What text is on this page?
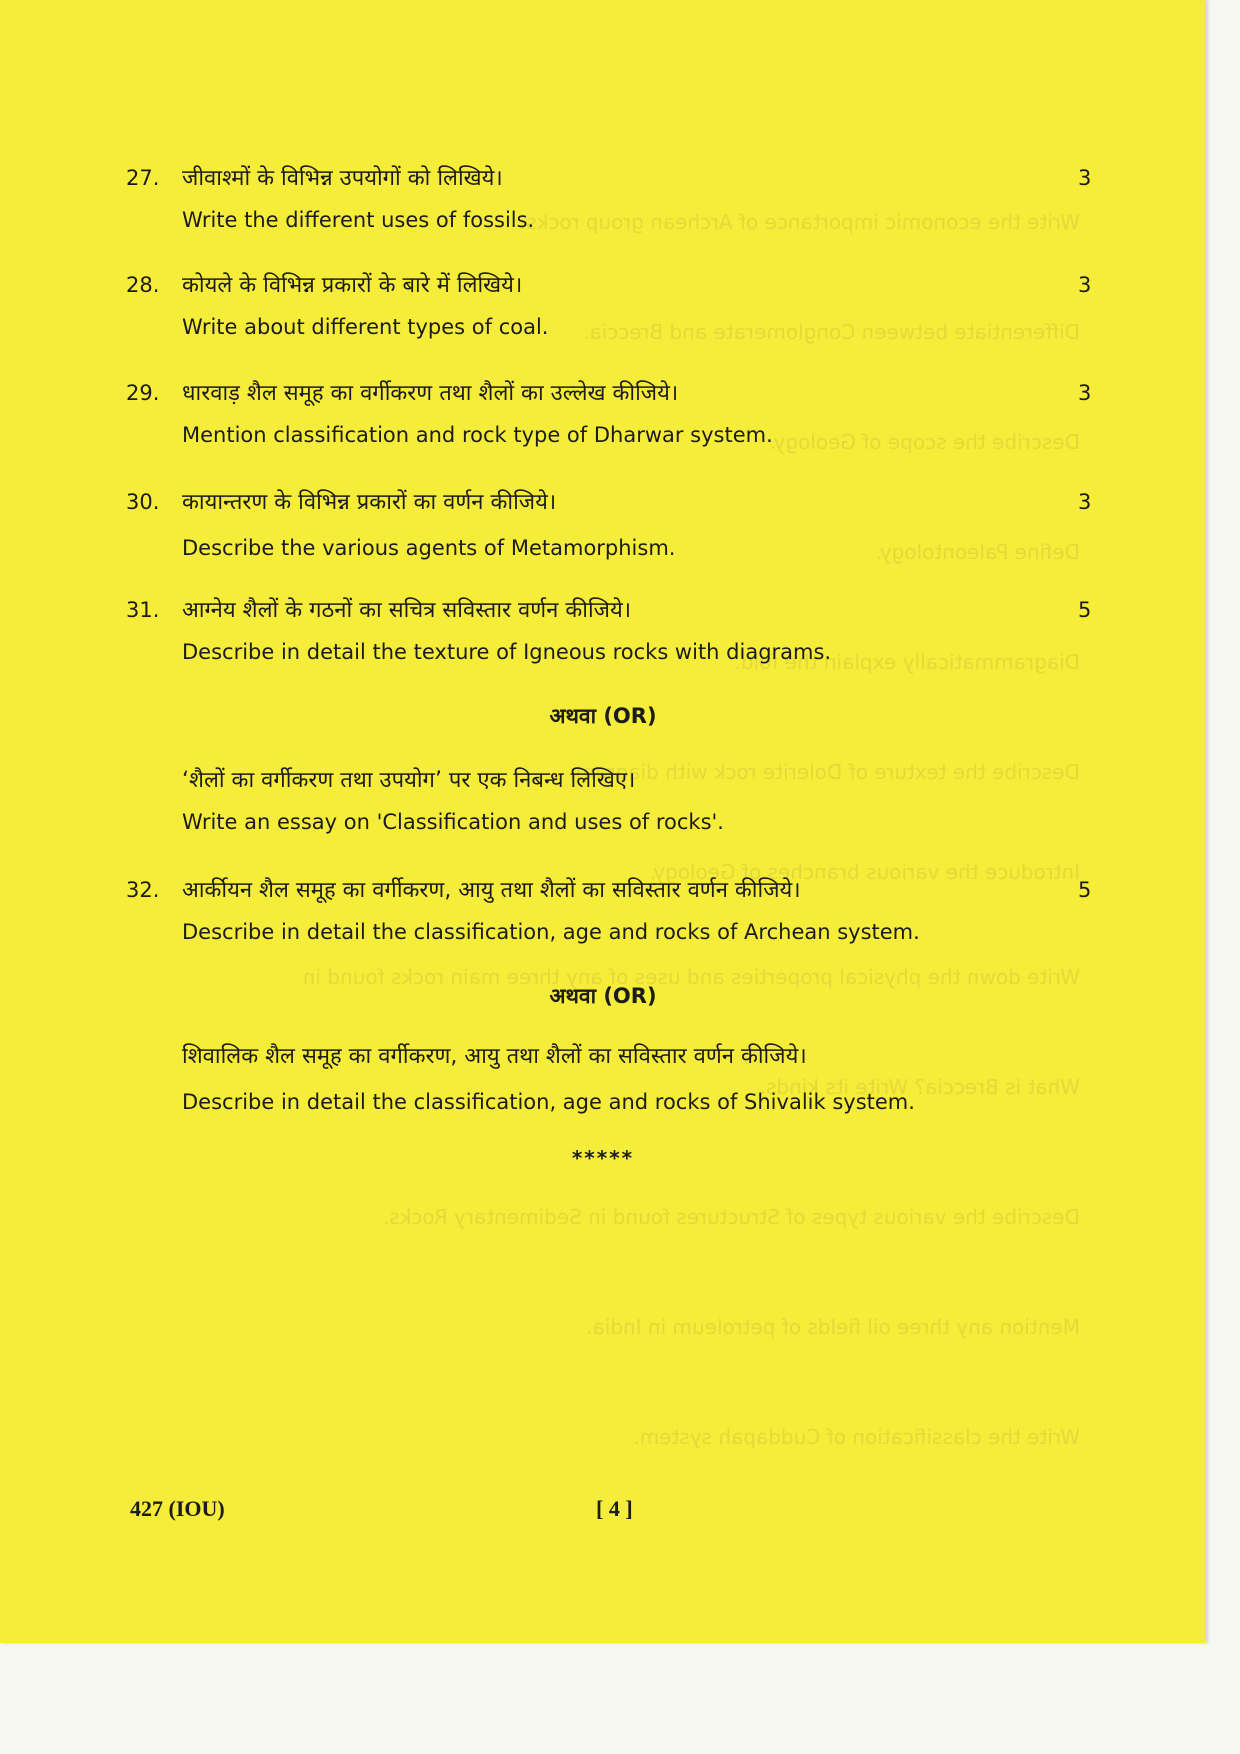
Write the economic importance of Archean group rocks.
Differentiate between Conglomerate and Breccia.
Describe the scope of Geology.
Define Paleontology.
Diagrammatically explain the fold.
Describe the texture of Dolerite rock with diagram.
Introduce the various branches of Geology.
Write down the physical properties and uses of any three main rocks found in
What is Breccia? Write its kinds.
Describe the various types of Structures found in Sedimentary Rocks.
Mention any three oil fields of petroleum in India.
Write the classification of Cuddapah system.
27. जीवाश्मों के विभिन्न उपयोगों को लिखिये।	3
Write the different uses of fossils.
28. कोयले के विभिन्न प्रकारों के बारे में लिखिये।	3
Write about different types of coal.
29. धारवाड़ शैल समूह का वर्गीकरण तथा शैलों का उल्लेख कीजिये।	3
Mention classification and rock type of Dharwar system.
30. कायान्तरण के विभिन्न प्रकारों का वर्णन कीजिये।	3
Describe the various agents of Metamorphism.
31. आग्नेय शैलों के गठनों का सचित्र सविस्तार वर्णन कीजिये।	5
Describe in detail the texture of Igneous rocks with diagrams.
अथवा (OR)
‘शैलों का वर्गीकरण तथा उपयोग’ पर एक निबन्ध लिखिए।
Write an essay on 'Classification and uses of rocks'.
32. आर्कीयन शैल समूह का वर्गीकरण, आयु तथा शैलों का सविस्तार वर्णन कीजिये।	5
Describe in detail the classification, age and rocks of Archean system.
अथवा (OR)
शिवालिक शैल समूह का वर्गीकरण, आयु तथा शैलों का सविस्तार वर्णन कीजिये।
Describe in detail the classification, age and rocks of Shivalik system.
*****
427 (IOU)	[ 4 ]
